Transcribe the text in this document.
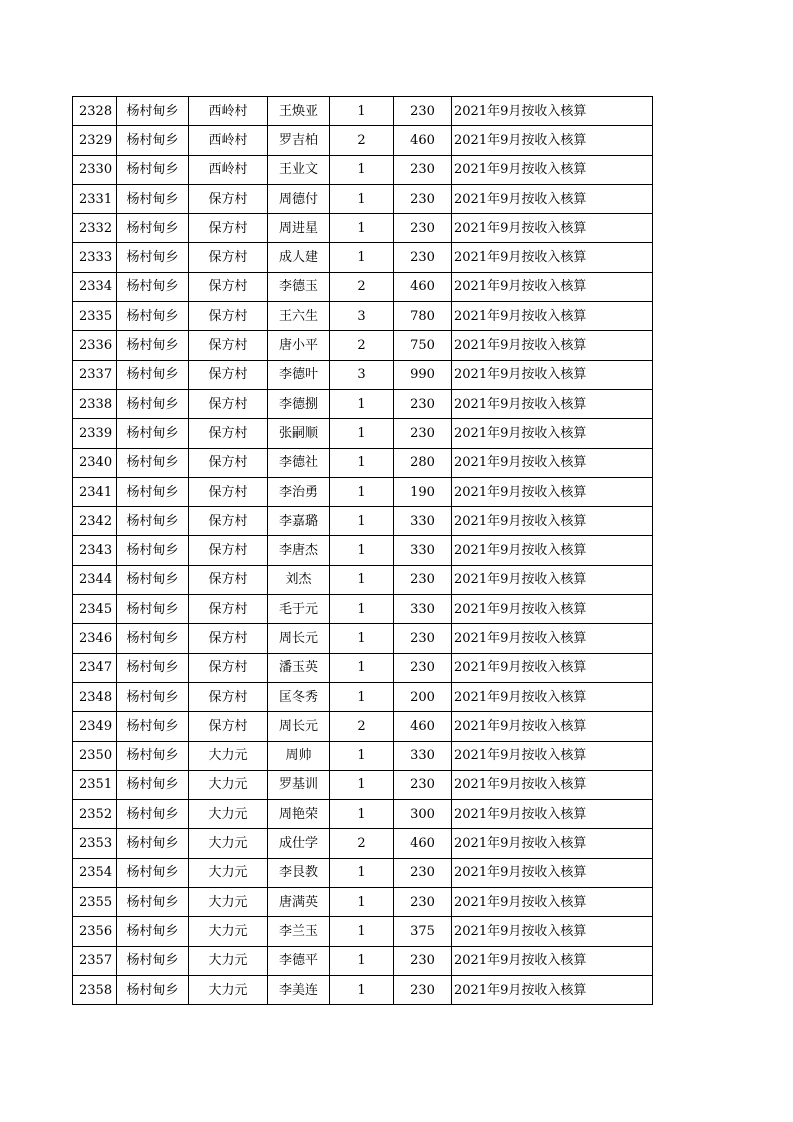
2328	杨村甸乡	西岭村	王焕亚	1	230	2021年9月按收入核算
2329	杨村甸乡	西岭村	罗吉柏	2	460	2021年9月按收入核算
2330	杨村甸乡	西岭村	王业文	1	230	2021年9月按收入核算
2331	杨村甸乡	保方村	周德付	1	230	2021年9月按收入核算
2332	杨村甸乡	保方村	周进星	1	230	2021年9月按收入核算
2333	杨村甸乡	保方村	成人建	1	230	2021年9月按收入核算
2334	杨村甸乡	保方村	李德玉	2	460	2021年9月按收入核算
2335	杨村甸乡	保方村	王六生	3	780	2021年9月按收入核算
2336	杨村甸乡	保方村	唐小平	2	750	2021年9月按收入核算
2337	杨村甸乡	保方村	李德叶	3	990	2021年9月按收入核算
2338	杨村甸乡	保方村	李德捌	1	230	2021年9月按收入核算
2339	杨村甸乡	保方村	张嗣顺	1	230	2021年9月按收入核算
2340	杨村甸乡	保方村	李德社	1	280	2021年9月按收入核算
2341	杨村甸乡	保方村	李治勇	1	190	2021年9月按收入核算
2342	杨村甸乡	保方村	李嘉璐	1	330	2021年9月按收入核算
2343	杨村甸乡	保方村	李唐杰	1	330	2021年9月按收入核算
2344	杨村甸乡	保方村	刘杰	1	230	2021年9月按收入核算
2345	杨村甸乡	保方村	毛于元	1	330	2021年9月按收入核算
2346	杨村甸乡	保方村	周长元	1	230	2021年9月按收入核算
2347	杨村甸乡	保方村	潘玉英	1	230	2021年9月按收入核算
2348	杨村甸乡	保方村	匡冬秀	1	200	2021年9月按收入核算
2349	杨村甸乡	保方村	周长元	2	460	2021年9月按收入核算
2350	杨村甸乡	大力元	周帅	1	330	2021年9月按收入核算
2351	杨村甸乡	大力元	罗基训	1	230	2021年9月按收入核算
2352	杨村甸乡	大力元	周艳荣	1	300	2021年9月按收入核算
2353	杨村甸乡	大力元	成仕学	2	460	2021年9月按收入核算
2354	杨村甸乡	大力元	李艮教	1	230	2021年9月按收入核算
2355	杨村甸乡	大力元	唐满英	1	230	2021年9月按收入核算
2356	杨村甸乡	大力元	李兰玉	1	375	2021年9月按收入核算
2357	杨村甸乡	大力元	李德平	1	230	2021年9月按收入核算
2358	杨村甸乡	大力元	李美连	1	230	2021年9月按收入核算
